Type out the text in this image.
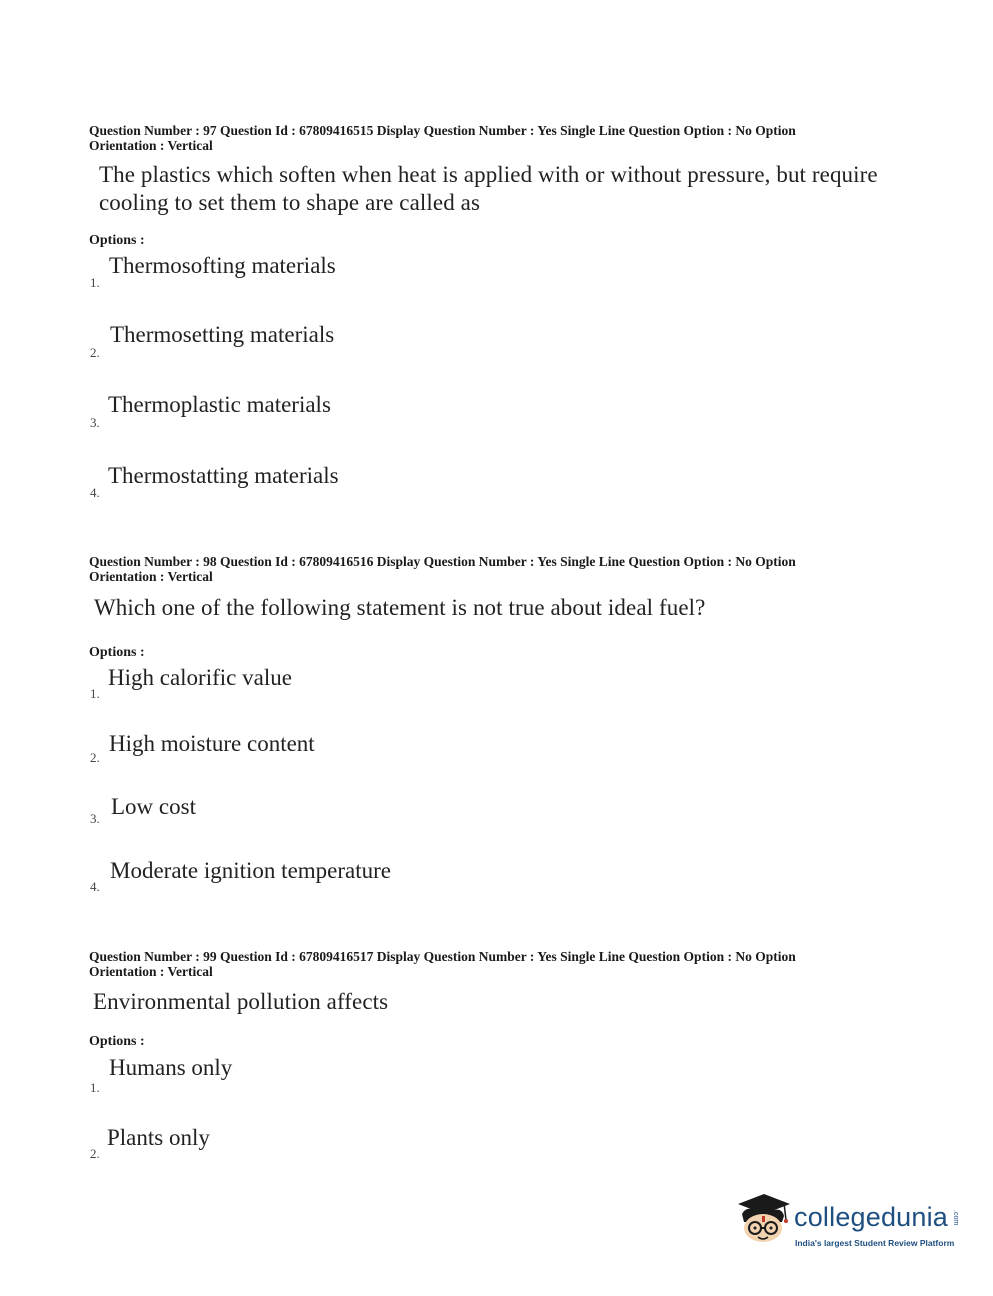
Question Number : 97 Question Id : 67809416515 Display Question Number : Yes Single Line Question Option : No Option
Orientation : Vertical
The plastics which soften when heat is applied with or without pressure, but require
cooling to set them to shape are called as
Options :
1.
Thermosofting materials
2.
Thermosetting materials
3.
Thermoplastic materials
4.
Thermostatting materials
Question Number : 98 Question Id : 67809416516 Display Question Number : Yes Single Line Question Option : No Option
Orientation : Vertical
Which one of the following statement is not true about ideal fuel?
Options :
1.
High calorific value
2.
High moisture content
3. Low cost
4.
Moderate ignition temperature
Question Number : 99 Question Id : 67809416517 Display Question Number : Yes Single Line Question Option : No Option
Orientation : Vertical
Environmental pollution affects
Options :
1.
Humans only
2.
Plants only
collegedunia .com
India's largest Student Review Platform
